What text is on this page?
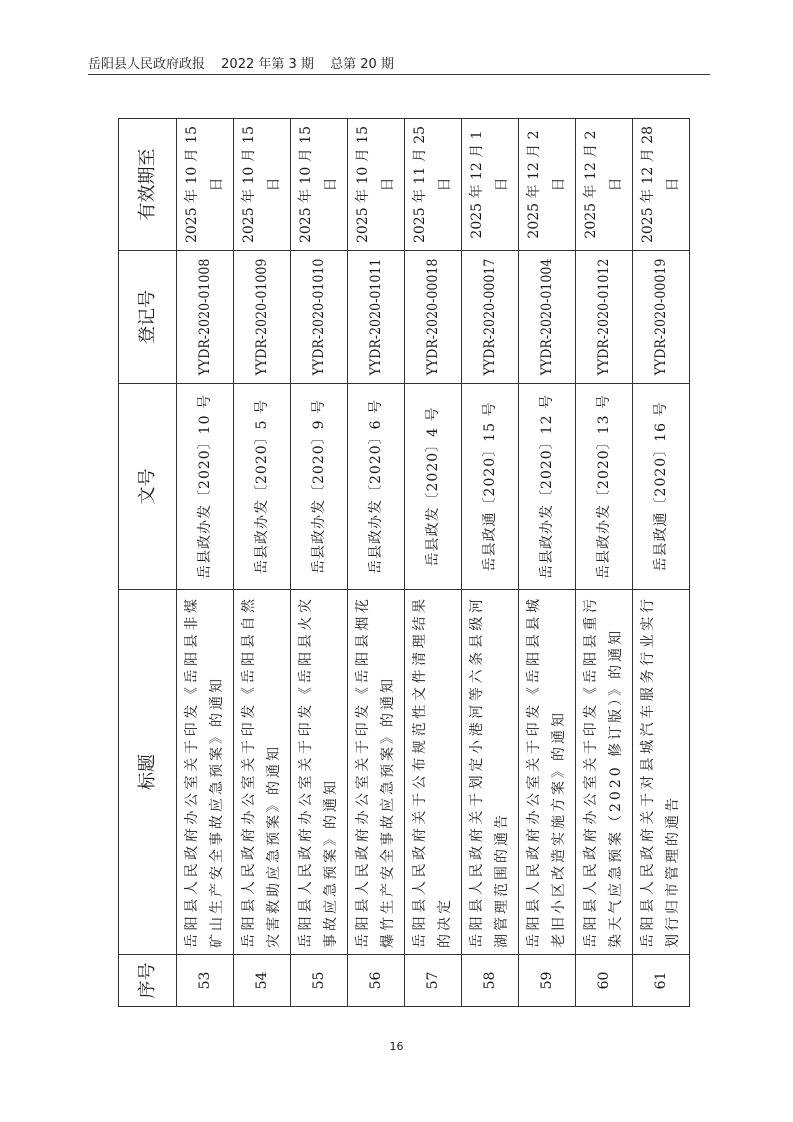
岳阳县人民政府政报 2022 年第 3 期 总第 20 期
序号	标题	文号	登记号	有效期至
53	岳阳县人民政府办公室关于印发《岳阳县非煤矿山生产安全事故应急预案》的通知	岳县政办发〔2020〕10 号	YYDR-2020-01008	2025 年 10 月 15 日
54	岳阳县人民政府办公室关于印发《岳阳县自然灾害救助应急预案》的通知	岳县政办发〔2020〕5 号	YYDR-2020-01009	2025 年 10 月 15 日
55	岳阳县人民政府办公室关于印发《岳阳县火灾事故应急预案》的通知	岳县政办发〔2020〕9 号	YYDR-2020-01010	2025 年 10 月 15 日
56	岳阳县人民政府办公室关于印发《岳阳县烟花爆竹生产安全事故应急预案》的通知	岳县政办发〔2020〕6 号	YYDR-2020-01011	2025 年 10 月 15 日
57	岳阳县人民政府关于公布规范性文件清理结果的决定	岳县政发〔2020〕4 号	YYDR-2020-00018	2025 年 11 月 25 日
58	岳阳县人民政府关于划定小港河等六条县级河湖管理范围的通告	岳县政通〔2020〕15 号	YYDR-2020-00017	2025 年 12 月 1 日
59	岳阳县人民政府办公室关于印发《岳阳县县城老旧小区改造实施方案》的通知	岳县政办发〔2020〕12 号	YYDR-2020-01004	2025 年 12 月 2 日
60	岳阳县人民政府办公室关于印发《岳阳县重污染天气应急预案（2020 修订版）》的通知	岳县政办发〔2020〕13 号	YYDR-2020-01012	2025 年 12 月 2 日
61	岳阳县人民政府关于对县城汽车服务行业实行划行归市管理的通告	岳县政通〔2020〕16 号	YYDR-2020-00019	2025 年 12 月 28 日
16
